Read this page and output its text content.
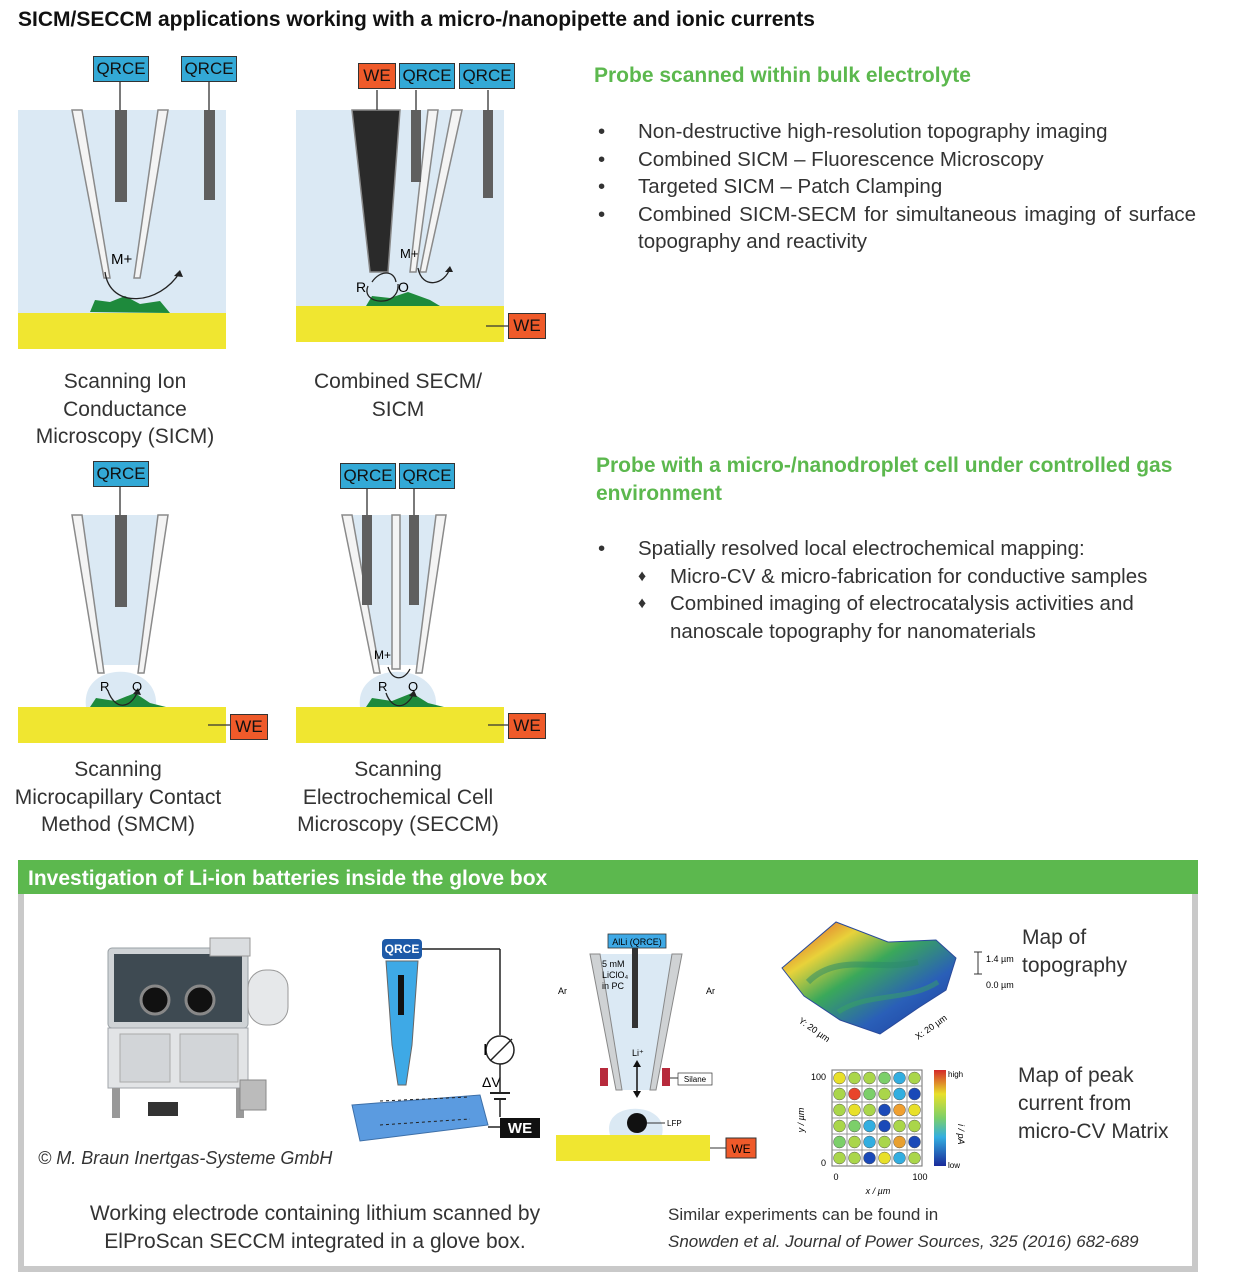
SICM/SECCM applications working with a micro-/nanopipette and ionic currents
M+
QRCE QRCE
Scanning Ion
Conductance
Microscopy (SICM)
R O
M+
WE QRCE QRCE
WE
Combined SECM/
SICM
R O
QRCE
WE
Scanning
Microcapillary Contact
Method (SMCM)
M+
R O
QRCE QRCE
WE
Scanning
Electrochemical Cell
Microscopy (SECCM)
Probe scanned within bulk electrolyte
• Non-destructive high-resolution topography imaging
• Combined SICM – Fluorescence Microscopy
• Targeted SICM – Patch Clamping
• Combined SICM-SECM for simultaneous imaging of surface topography and reactivity
Probe with a micro-/nanodroplet cell under controlled gas environment
• Spatially resolved local electrochemical mapping:
♦ Micro-CV & micro-fabrication for conductive samples
♦ Combined imaging of electrocatalysis activities and nanoscale topography for nanomaterials
Investigation of Li-ion batteries inside the glove box
© M. Braun Inertgas-Systeme GmbH
QRCE
I
ΔV
WE
AlLi (QRCE)
5 mM
LiClO₄
in PC
Ar	Ar
Li⁺
Silane
LFP
WE
1.4 µm
0.0 µm
Y: 20 µm	X: 20 µm
Map of
topography
high
low
i / pA
100
0
0	100
x / µm
y / µm
Map of peak
current from
micro-CV Matrix
Working electrode containing lithium scanned by
ElProScan SECCM integrated in a glove box.
Similar experiments can be found in
Snowden et al. Journal of Power Sources, 325 (2016) 682-689
